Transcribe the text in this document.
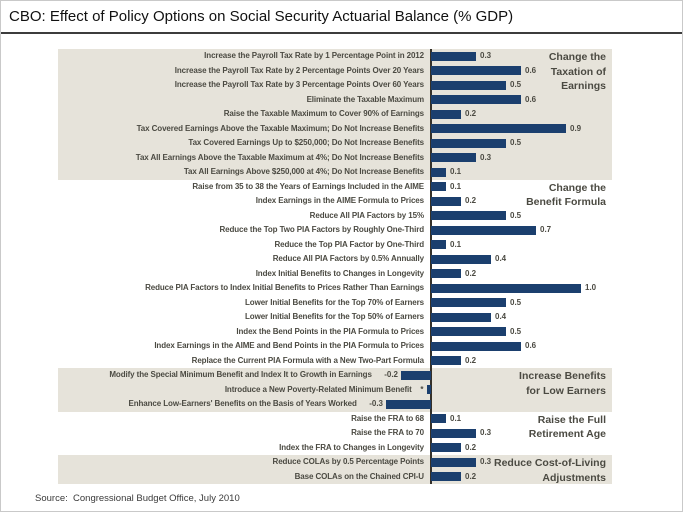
CBO: Effect of Policy Options on Social Security Actuarial Balance (% GDP)
Change the
Taxation of
Earnings
Increase the Payroll Tax Rate by 1 Percentage Point in 2012	0.3
Increase the Payroll Tax Rate by 2 Percentage Points Over 20 Years	0.6
Increase the Payroll Tax Rate by 3 Percentage Points Over 60 Years	0.5
Eliminate the Taxable Maximum	0.6
Raise the Taxable Maximum to Cover 90% of Earnings	0.2
Tax Covered Earnings Above the Taxable Maximum; Do Not Increase Benefits	0.9
Tax Covered Earnings Up to $250,000; Do Not Increase Benefits	0.5
Tax All Earnings Above the Taxable Maximum at 4%; Do Not Increase Benefits	0.3
Tax All Earnings Above $250,000 at 4%; Do Not Increase Benefits	0.1
Change the
Benefit Formula
Raise from 35 to 38 the Years of Earnings Included in the AIME	0.1
Index Earnings in the AIME Formula to Prices	0.2
Reduce All PIA Factors by 15%	0.5
Reduce the Top Two PIA Factors by Roughly One-Third	0.7
Reduce the Top PIA Factor by One-Third	0.1
Reduce All PIA Factors by 0.5% Annually	0.4
Index Initial Benefits to Changes in Longevity	0.2
Reduce PIA Factors to Index Initial Benefits to Prices Rather Than Earnings	1.0
Lower Initial Benefits for the Top 70% of Earners	0.5
Lower Initial Benefits for the Top 50% of Earners	0.4
Index the Bend Points in the PIA Formula to Prices	0.5
Index Earnings in the AIME and Bend Points in the PIA Formula to Prices	0.6
Replace the Current PIA Formula with a New Two-Part Formula	0.2
Increase Benefits
for Low Earners
Modify the Special Minimum Benefit and Index It to Growth in Earnings -0.2
Introduce a New Poverty-Related Minimum Benefit *
Enhance Low-Earners' Benefits on the Basis of Years Worked -0.3
Raise the Full
Retirement Age
Raise the FRA to 68	0.1
Raise the FRA to 70	0.3
Index the FRA to Changes in Longevity	0.2
Reduce Cost-of-Living
Adjustments
Reduce COLAs by 0.5 Percentage Points	0.3
Base COLAs on the Chained CPI-U	0.2
Source:  Congressional Budget Office, July 2010
